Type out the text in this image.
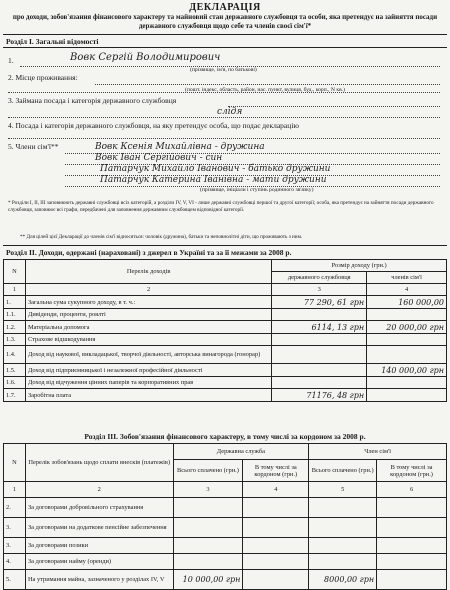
ДЕКЛАРАЦІЯ
про доходи, зобов'язання фінансового характеру та майновий стан державного службовця та особи, яка претендує на зайняття посади державного службовця щодо себе та членів своєї сім'ї*
Розділ І. Загальні відомості
1.	Вовк Сергій Володимирович
(прізвище, ім'я, по батькові)
2. Місце проживання:
(пошт. індекс, область, район, нас. пункт, вулиця, буд., корп., N кв.)
3. Займана посада і категорія державного службовця
слідя
4. Посада і категорія державного службовця, на яку претендує особа, що подає декларацію
5. Члени сім'ї**	Вовк Ксенія Михайлівна - дружина
Вовк Іван Сергійович - син
Патарчук Михайло Іванович - батько дружини
Патарчук Катерина Іванівна - мати дружини
(прізвище, ініціали і ступінь родинного зв'язку)
* Розділи І, ІІ, ІІІ заповнюють державні службовці всіх категорій, а розділи IV, V, VI - лише державні службовці першої та другої категорії; особа, яка претендує на зайняття посади державного службовця, заповнює всі графи, передбачені для заповнення державним службовцем відповідної категорії.
** Для цілей цієї Декларації до членів сім'ї відносяться: чоловік (дружина), батьки та неповнолітні діти, що проживають з ним.
Розділ ІІ. Доходи, одержані (нараховані) з джерел в Україні та за її межами за 2008 р.
N	Перелік доходів	Розмір доходу (грн.)	
		державного службовця	членів сім'ї
1	2	3	4
1.	Загальна сума сукупного доходу, в т. ч.:	77 290, 61 грн	160 000,00
1.1.	Дивіденди, проценти, роялті		
1.2.	Матеріальна допомога	6114, 13 грн	20 000,00 грн
1.3.	Страхове відшкодування		
1.4.	Доход від наукової, викладацької, творчої діяльності, авторська винагорода (гонорар)		
1.5.	Доход від підприємницької і незалежної професійної діяльності		140 000,00 грн
1.6.	Доход від відчуження цінних паперів та корпоративних прав		
1.7.	Заробітна плата	71176, 48 грн	
Розділ ІІІ. Зобов'язання фінансового характеру, в тому числі за кордоном за 2008 р.
N	Перелік зобов'язань щодо сплати внесків (платежів)	Державна служба		Член сім'ї	
		Всього сплачено (грн.)	В тому числі за кордоном (грн.)	Всього сплачено (грн.)	В тому числі за кордоном (грн.)
1	2	3	4	5	6
2.	За договорами добровільного страхування				
3.	За договорами на додаткове пенсійне забезпечення				
3.	За договорами позики				
4.	За договорами найму (оренди)				
5.	На утримання майна, зазначеного у розділах IV, V	10 000,00 грн		8000,00 грн	
